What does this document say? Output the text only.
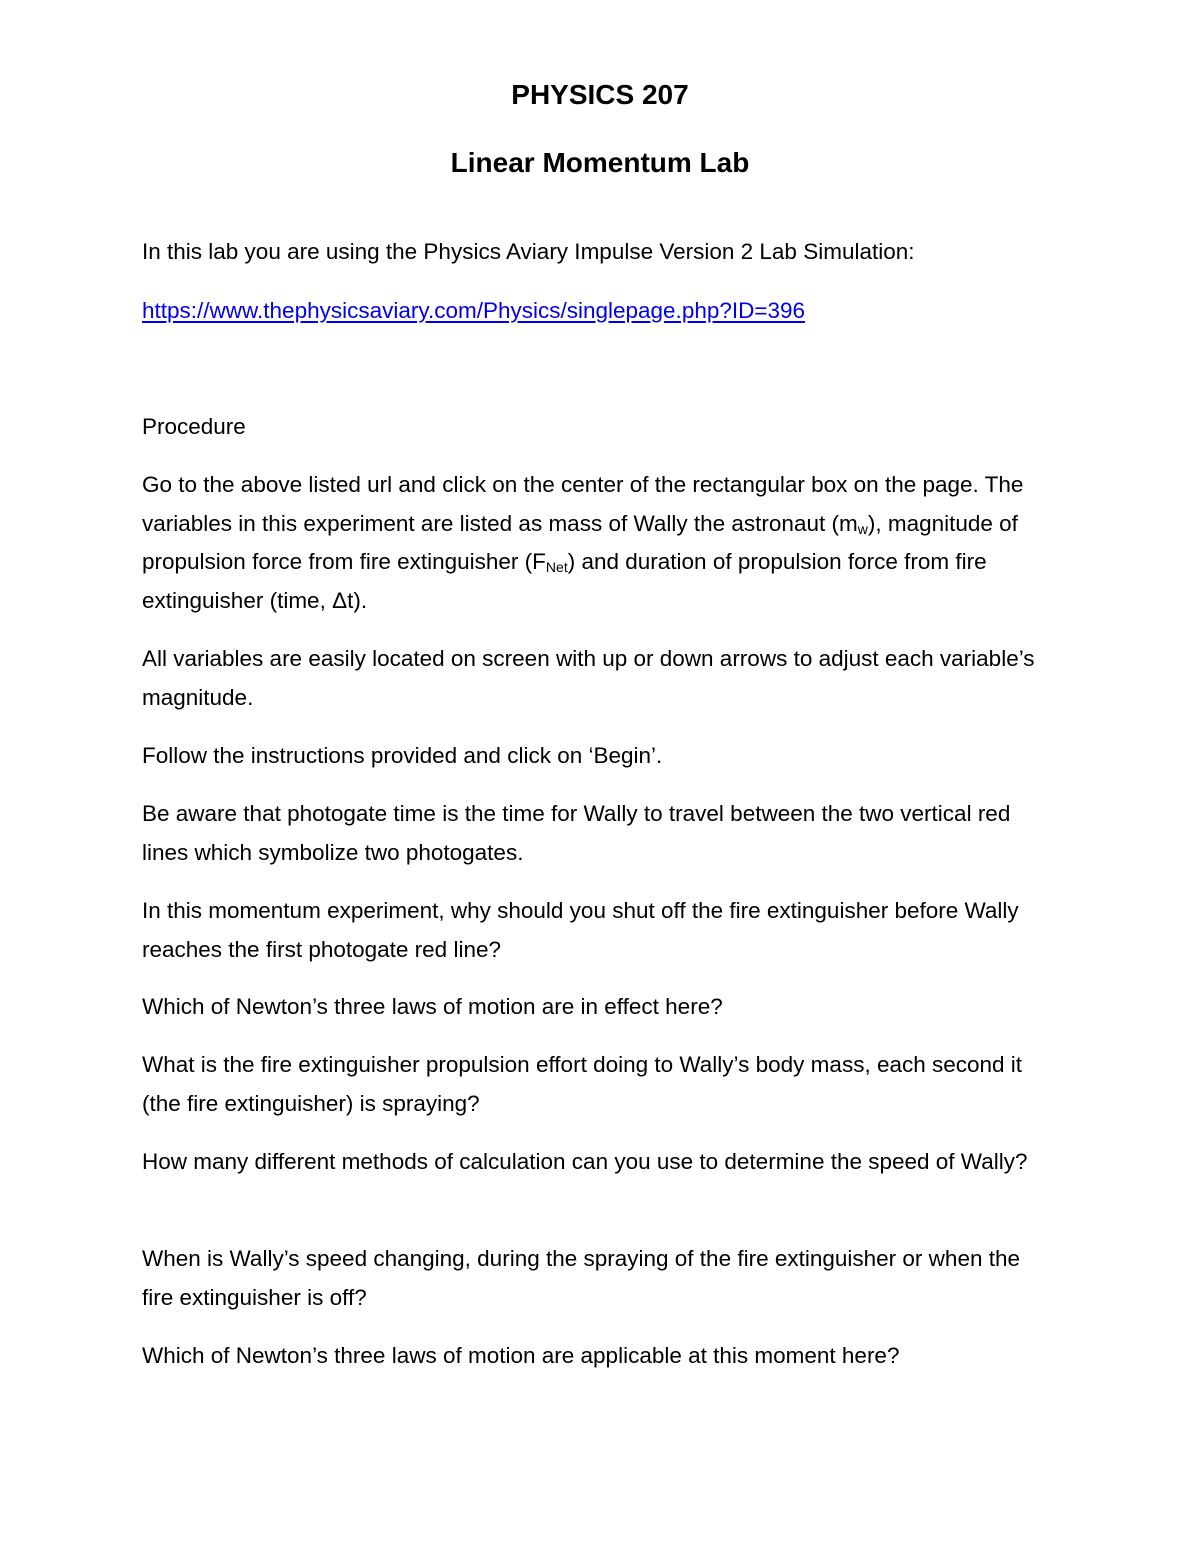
PHYSICS 207
Linear Momentum Lab

In this lab you are using the Physics Aviary Impulse Version 2 Lab Simulation:

https://www.thephysicsaviary.com/Physics/singlepage.php?ID=396

Procedure

Go to the above listed url and click on the center of the rectangular box on the page. The variables in this experiment are listed as mass of Wally the astronaut $(m_w)$, magnitude of propulsion force from fire extinguisher $(F_{Net})$ and duration of propulsion force from fire extinguisher (time, Δt).

All variables are easily located on screen with up or down arrows to adjust each variable’s magnitude.

Follow the instructions provided and click on ‘Begin’.

Be aware that photogate time is the time for Wally to travel between the two vertical red lines which symbolize two photogates.

In this momentum experiment, why should you shut off the fire extinguisher before Wally reaches the first photogate red line?

Which of Newton’s three laws of motion are in effect here?

What is the fire extinguisher propulsion effort doing to Wally’s body mass, each second it (the fire extinguisher) is spraying?

How many different methods of calculation can you use to determine the speed of Wally?

When is Wally’s speed changing, during the spraying of the fire extinguisher or when the fire extinguisher is off?

Which of Newton’s three laws of motion are applicable at this moment here?
